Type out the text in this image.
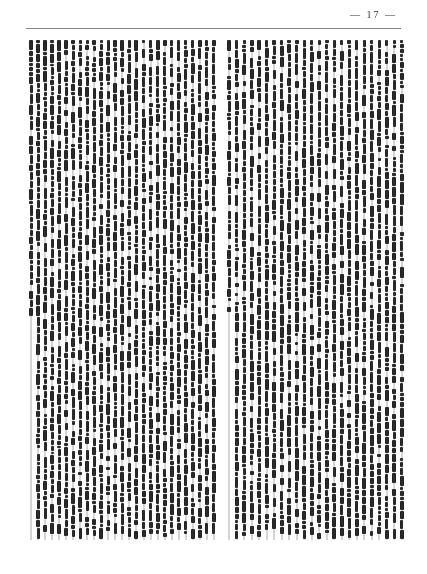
— 17 —
